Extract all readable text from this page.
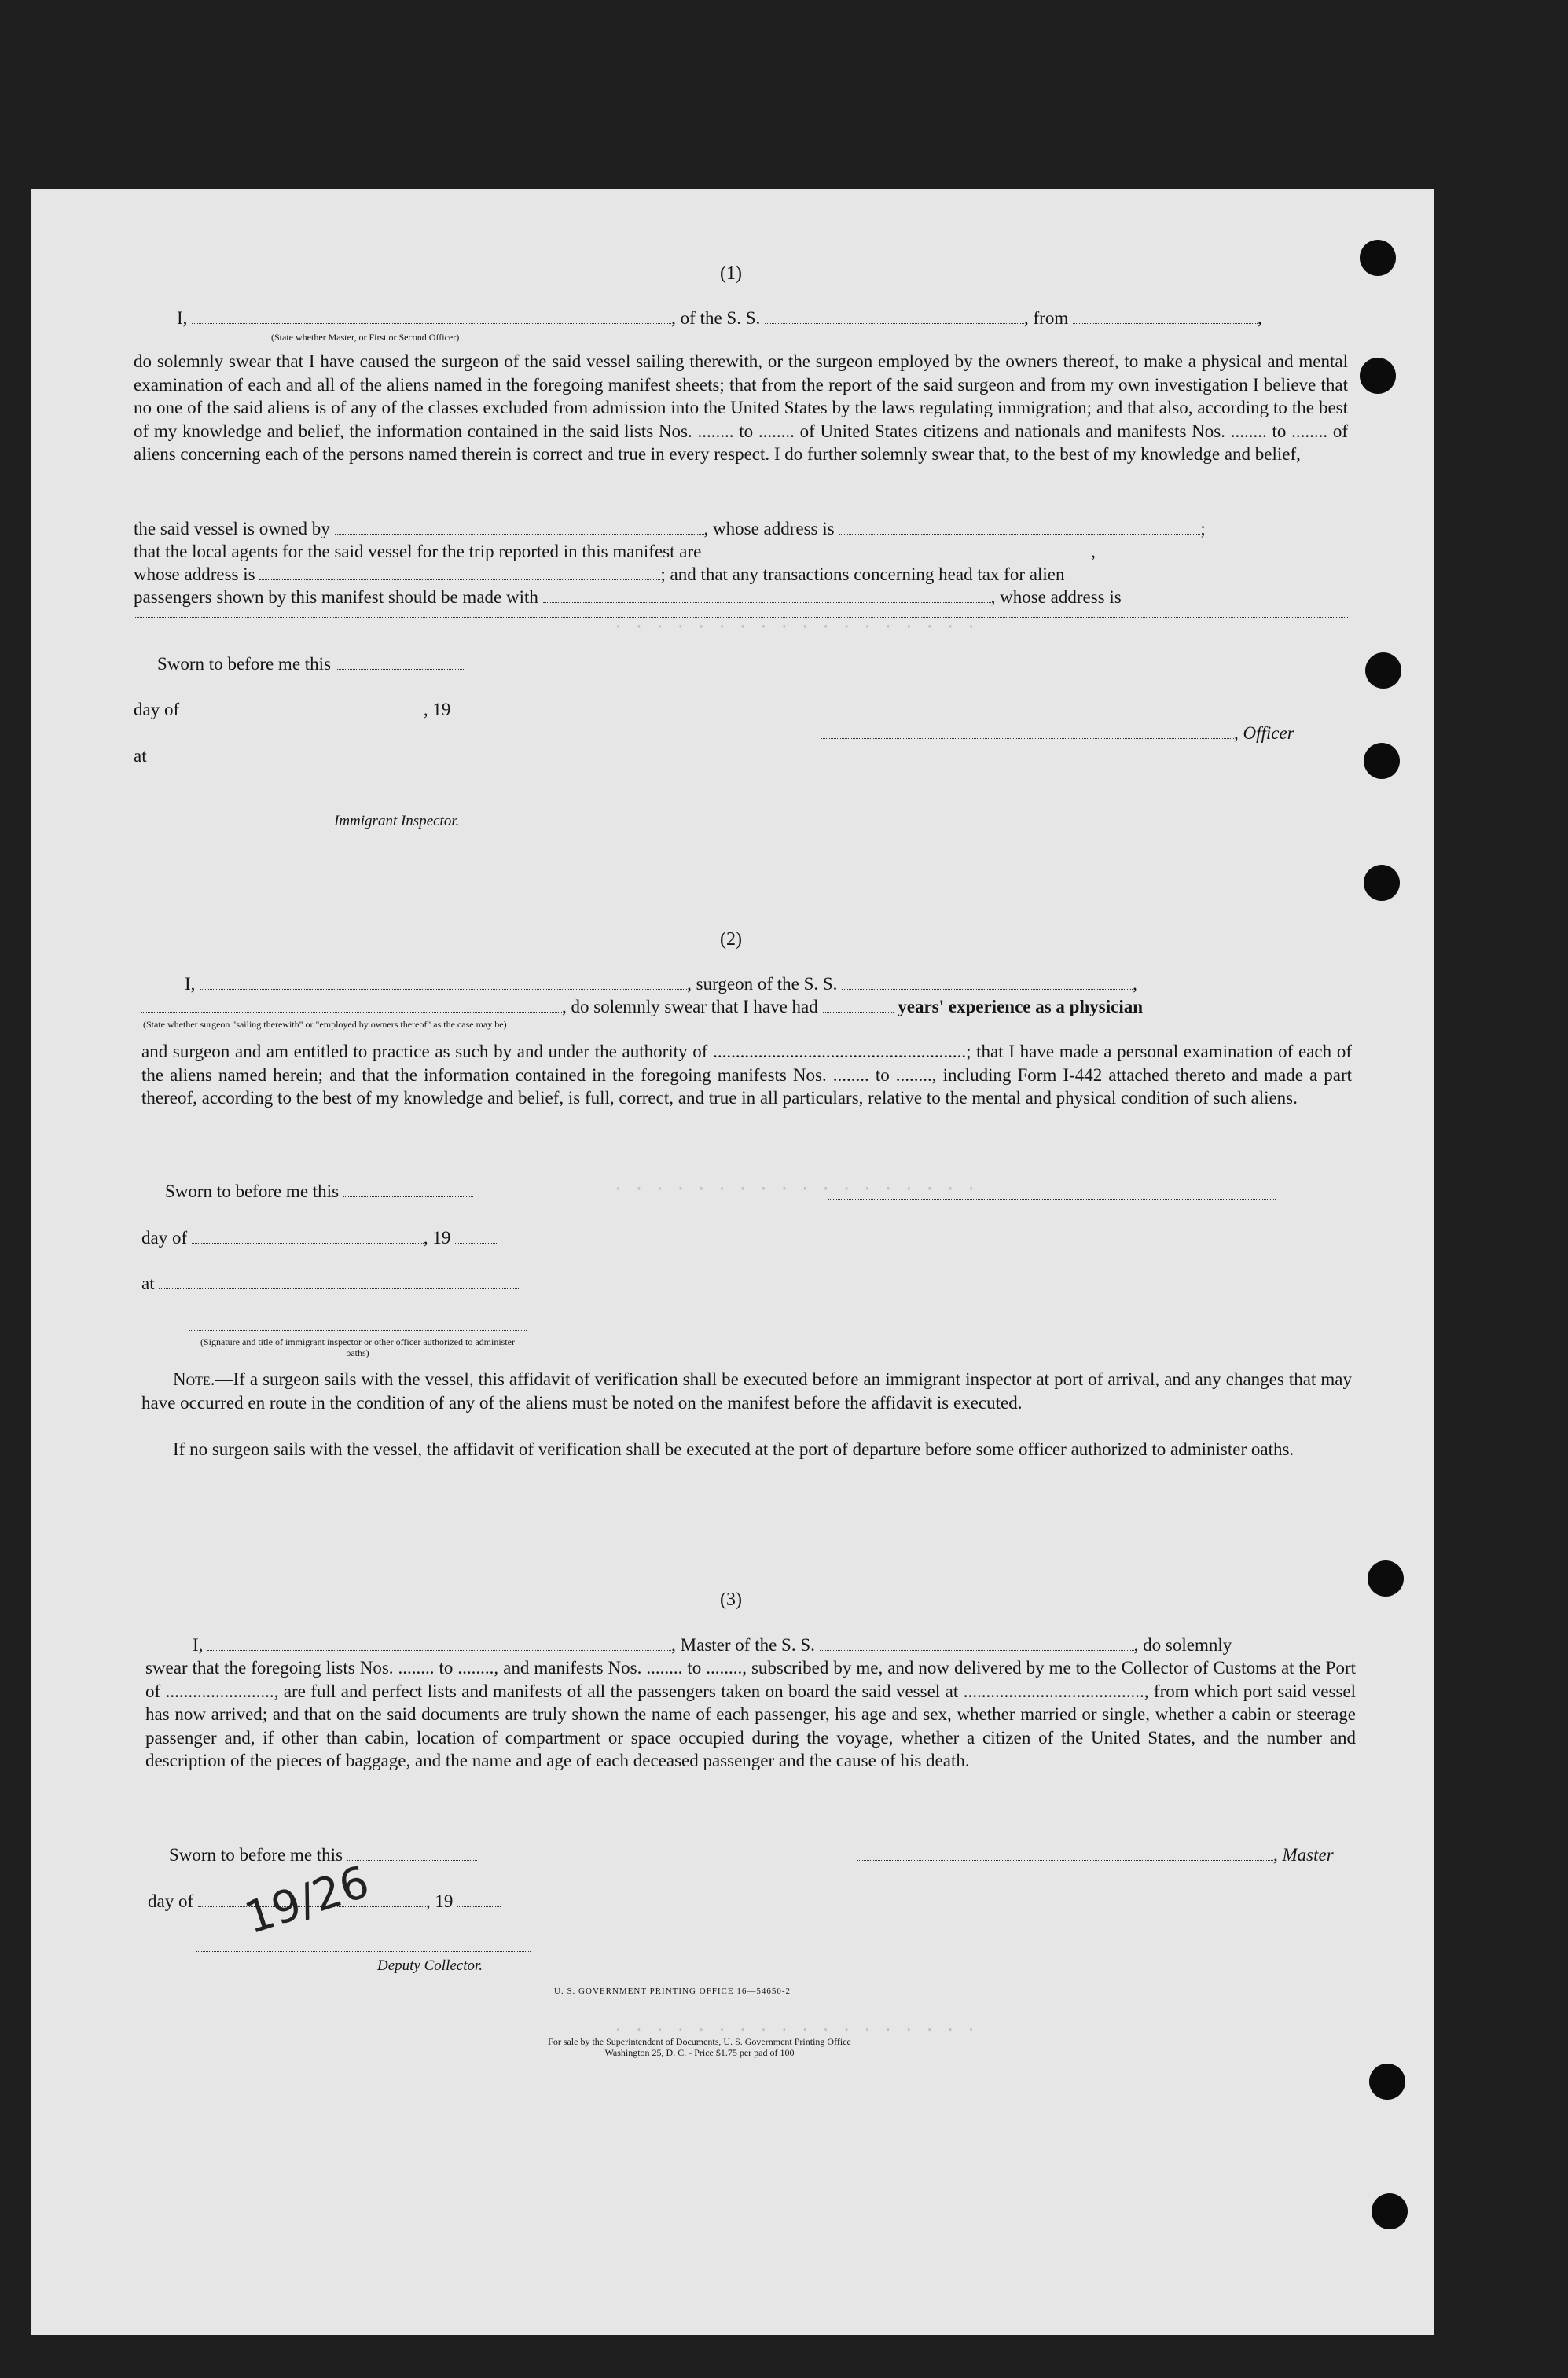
· · · · · · · · · · · · · · · · · ·
· · · · · · · · · · · · · · · · · ·
· · · · · · · · · · · · · · · · · ·
(1)
I,	, of the S. S.	, from	,
(State whether Master, or First or Second Officer)
do solemnly swear that I have caused the surgeon of the said vessel sailing therewith, or the surgeon employed by the owners thereof, to make a physical and mental examination of each and all of the aliens named in the foregoing manifest sheets; that from the report of the said surgeon and from my own investigation I believe that no one of the said aliens is of any of the classes excluded from admission into the United States by the laws regulating immigration; and that also, according to the best of my knowledge and belief, the information contained in the said lists Nos. ........ to ........ of United States citizens and nationals and manifests Nos. ........ to ........ of aliens concerning each of the persons named therein is correct and true in every respect. I do further solemnly swear that, to the best of my knowledge and belief,
the said vessel is owned by	, whose address is	;
that the local agents for the said vessel for the trip reported in this manifest are	,
whose address is	; and that any transactions concerning head tax for alien
passengers shown by this manifest should be made with	, whose address is
Sworn to before me this
day of	, 19
at
, Officer
Immigrant Inspector.
(2)
I,	, surgeon of the S. S.	,
, do solemnly swear that I have had	years' experience as a physician
(State whether surgeon "sailing therewith" or "employed by owners thereof" as the case may be)
and surgeon and am entitled to practice as such by and under the authority of ........................................................; that I have made a personal examination of each of the aliens named herein; and that the information contained in the foregoing manifests Nos. ........ to ........, including Form I-442 attached thereto and made a part thereof, according to the best of my knowledge and belief, is full, correct, and true in all particulars, relative to the mental and physical condition of such aliens.
Sworn to before me this
day of	, 19
at
(Signature and title of immigrant inspector or other officer authorized to administer oaths)
Note.—If a surgeon sails with the vessel, this affidavit of verification shall be executed before an immigrant inspector at port of arrival, and any changes that may have occurred en route in the condition of any of the aliens must be noted on the manifest before the affidavit is executed.
If no surgeon sails with the vessel, the affidavit of verification shall be executed at the port of departure before some officer authorized to administer oaths.
(3)
I,	, Master of the S. S.	, do solemnly
swear that the foregoing lists Nos. ........ to ........, and manifests Nos. ........ to ........, subscribed by me, and now delivered by me to the Collector of Customs at the Port of ........................, are full and perfect lists and manifests of all the passengers taken on board the said vessel at ........................................, from which port said vessel has now arrived; and that on the said documents are truly shown the name of each passenger, his age and sex, whether married or single, whether a cabin or steerage passenger and, if other than cabin, location of compartment or space occupied during the voyage, whether a citizen of the United States, and the number and description of the pieces of baggage, and the name and age of each deceased passenger and the cause of his death.
Sworn to before me this
day of	, 19
, Master
19/26
Deputy Collector.
U. S. GOVERNMENT PRINTING OFFICE 16—54650-2
For sale by the Superintendent of Documents, U. S. Government Printing Office
Washington 25, D. C. - Price $1.75 per pad of 100
